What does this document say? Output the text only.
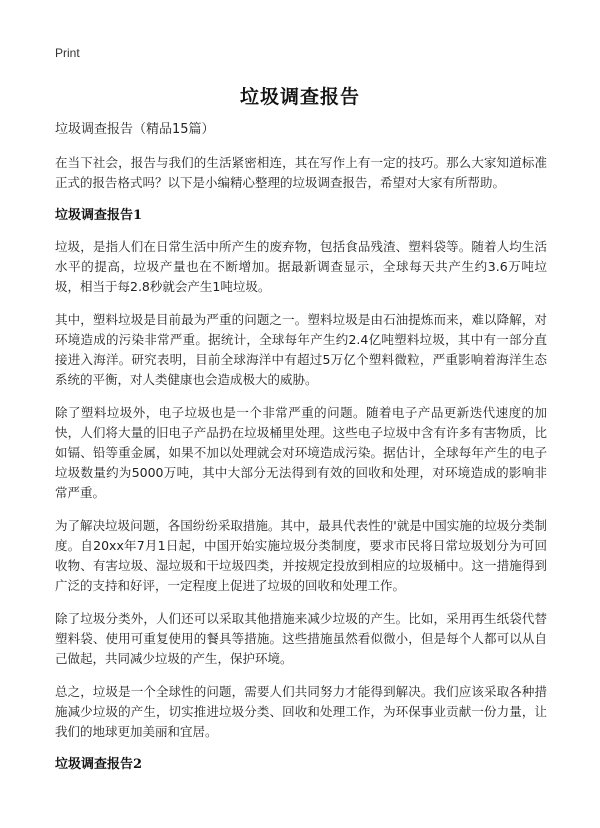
Print
垃圾调查报告

垃圾调查报告（精品15篇）

在当下社会，报告与我们的生活紧密相连，其在写作上有一定的技巧。那么大家知道标准正式的报告格式吗？以下是小编精心整理的垃圾调查报告，希望对大家有所帮助。

垃圾调查报告1

垃圾，是指人们在日常生活中所产生的废弃物，包括食品残渣、塑料袋等。随着人均生活水平的提高，垃圾产量也在不断增加。据最新调查显示，全球每天共产生约3.6万吨垃圾，相当于每2.8秒就会产生1吨垃圾。

其中，塑料垃圾是目前最为严重的问题之一。塑料垃圾是由石油提炼而来，难以降解，对环境造成的污染非常严重。据统计，全球每年产生约2.4亿吨塑料垃圾，其中有一部分直接进入海洋。研究表明，目前全球海洋中有超过5万亿个塑料微粒，严重影响着海洋生态系统的平衡，对人类健康也会造成极大的威胁。

除了塑料垃圾外，电子垃圾也是一个非常严重的问题。随着电子产品更新迭代速度的加快，人们将大量的旧电子产品扔在垃圾桶里处理。这些电子垃圾中含有许多有害物质，比如镉、铅等重金属，如果不加以处理就会对环境造成污染。据估计，全球每年产生的电子垃圾数量约为5000万吨，其中大部分无法得到有效的回收和处理，对环境造成的影响非常严重。

为了解决垃圾问题，各国纷纷采取措施。其中，最具代表性的'就是中国实施的垃圾分类制度。自20xx年7月1日起，中国开始实施垃圾分类制度，要求市民将日常垃圾划分为可回收物、有害垃圾、湿垃圾和干垃圾四类，并按规定投放到相应的垃圾桶中。这一措施得到广泛的支持和好评，一定程度上促进了垃圾的回收和处理工作。

除了垃圾分类外，人们还可以采取其他措施来减少垃圾的产生。比如，采用再生纸袋代替塑料袋、使用可重复使用的餐具等措施。这些措施虽然看似微小，但是每个人都可以从自己做起，共同减少垃圾的产生，保护环境。

总之，垃圾是一个全球性的问题，需要人们共同努力才能得到解决。我们应该采取各种措施减少垃圾的产生，切实推进垃圾分类、回收和处理工作，为环保事业贡献一份力量，让我们的地球更加美丽和宜居。

垃圾调查报告2
